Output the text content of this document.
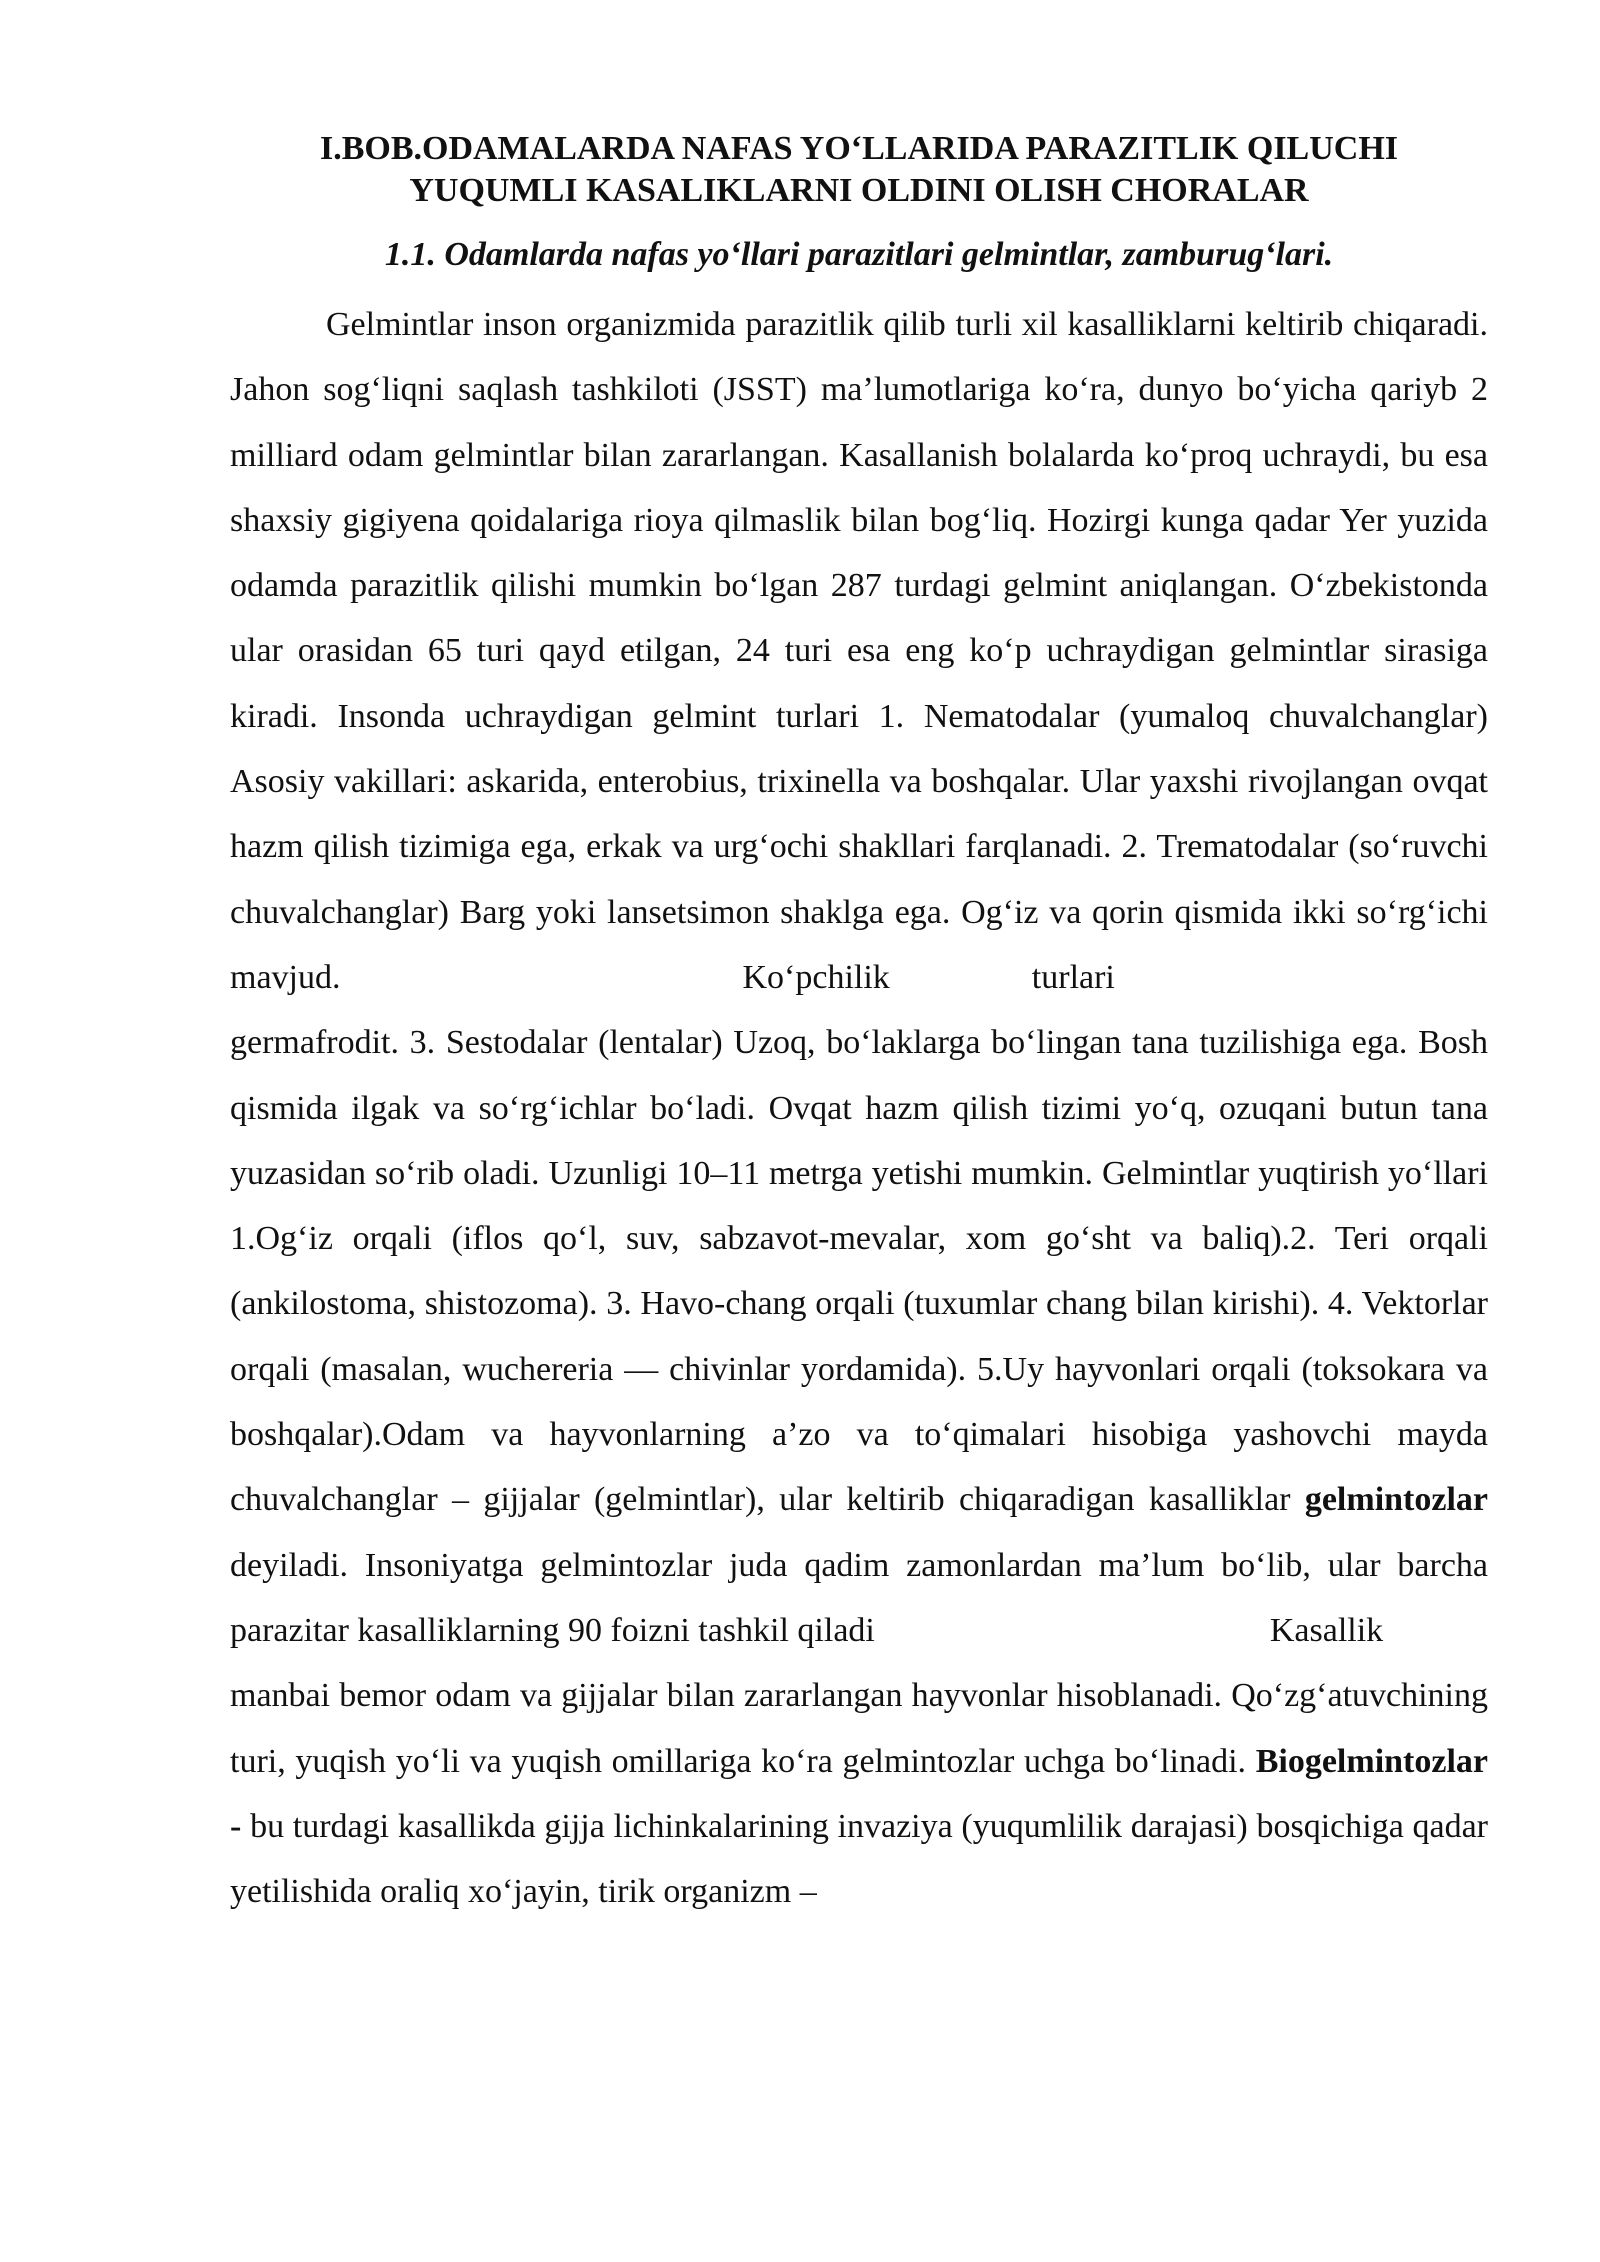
I.BOB.ODAMALARDA NAFAS YO‘LLARIDA PARAZITLIK QILUCHI
YUQUMLI KASALIKLARNI OLDINI OLISH CHORALAR
1.1. Odamlarda nafas yo‘llari parazitlari gelmintlar, zamburug‘lari.

Gelmintlar inson organizmida parazitlik qilib turli xil kasalliklarni keltirib chiqaradi. Jahon sog‘liqni saqlash tashkiloti (JSST) ma’lumotlariga ko‘ra, dunyo bo‘yicha qariyb 2 milliard odam gelmintlar bilan zararlangan. Kasallanish bolalarda ko‘proq uchraydi, bu esa shaxsiy gigiyena qoidalariga rioya qilmaslik bilan bog‘liq. Hozirgi kunga qadar Yer yuzida odamda parazitlik qilishi mumkin bo‘lgan 287 turdagi gelmint aniqlangan. O‘zbekistonda ular orasidan 65 turi qayd etilgan, 24 turi esa eng ko‘p uchraydigan gelmintlar sirasiga kiradi. Insonda uchraydigan gelmint turlari 1. Nematodalar (yumaloq chuvalchanglar) Asosiy vakillari: askarida, enterobius, trixinella va boshqalar. Ular yaxshi rivojlangan ovqat hazm qilish tizimiga ega, erkak va urg‘ochi shakllari farqlanadi. 2. Trematodalar (so‘ruvchi chuvalchanglar) Barg yoki lansetsimon shaklga ega. Og‘iz va qorin qismida ikki so‘rg‘ichi mavjud.	Ko‘pchilik	turlari

germafrodit. 3. Sestodalar (lentalar) Uzoq, bo‘laklarga bo‘lingan tana tuzilishiga ega. Bosh qismida ilgak va so‘rg‘ichlar bo‘ladi. Ovqat hazm qilish tizimi yo‘q, ozuqani butun tana yuzasidan so‘rib oladi. Uzunligi 10–11 metrga yetishi mumkin. Gelmintlar yuqtirish yo‘llari 1.Og‘iz orqali (iflos qo‘l, suv, sabzavot-mevalar, xom go‘sht va baliq).2. Teri orqali (ankilostoma, shistozoma). 3. Havo-chang orqali (tuxumlar chang bilan kirishi). 4. Vektorlar orqali (masalan, wuchereria — chivinlar yordamida). 5.Uy hayvonlari orqali (toksokara va boshqalar).Odam va hayvonlarning a’zo va to‘qimalari hisobiga yashovchi mayda chuvalchanglar – gijjalar (gelmintlar), ular keltirib chiqaradigan kasalliklar gelmintozlar deyiladi. Insoniyatga gelmintozlar juda qadim zamonlardan ma’lum bo‘lib, ular barcha parazitar kasalliklarning 90 foizni tashkil qiladi	Kasallik

manbai bemor odam va gijjalar bilan zararlangan hayvonlar hisoblanadi. Qo‘zg‘atuvchining turi, yuqish yo‘li va yuqish omillariga ko‘ra gelmintozlar uchga bo‘linadi. Biogelmintozlar - bu turdagi kasallikda gijja lichinkalarining invaziya (yuqumlilik darajasi) bosqichiga qadar yetilishida oraliq xo‘jayin, tirik organizm –
